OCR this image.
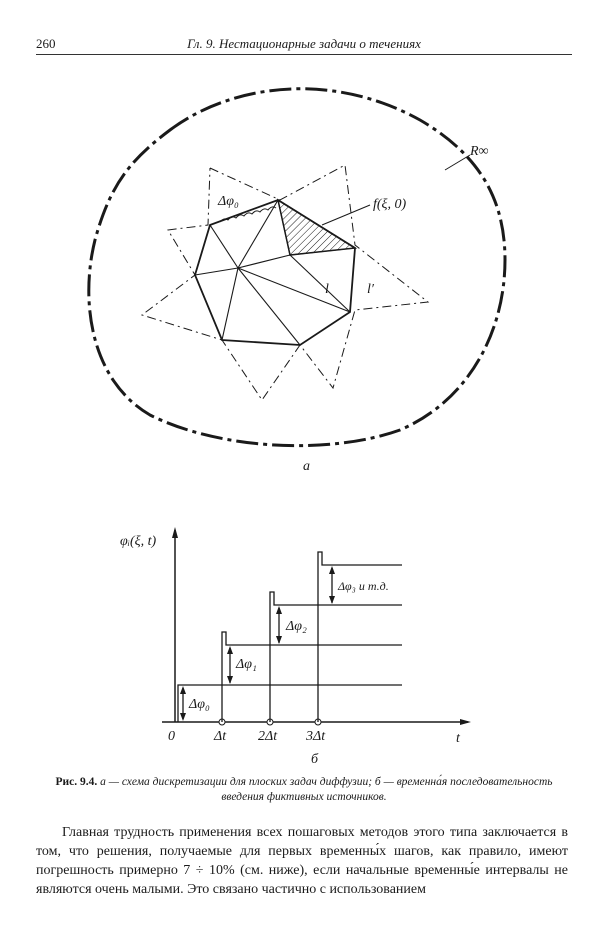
260	Гл. 9. Нестационарные задачи о течениях
R∞
Δφ₀	f(ξ, 0)
l	l′
а
φᵢ(ξ, t)
t
0	Δt 2Δt 3Δt
Δφ₀
Δφ₁
Δφ₂
Δφ₃ и т.д.
б
Рис. 9.4. а — схема дискретизации для плоских задач диффузии; б — временна́я последовательность введения фиктивных источников.
Главная трудность применения всех пошаговых методов этого типа заключается в том, что решения, получаемые для первых временны́х шагов, как правило, имеют погрешность примерно 7 ÷ 10% (см. ниже), если начальные временны́е интервалы не являются очень малыми. Это связано частично с использованием
